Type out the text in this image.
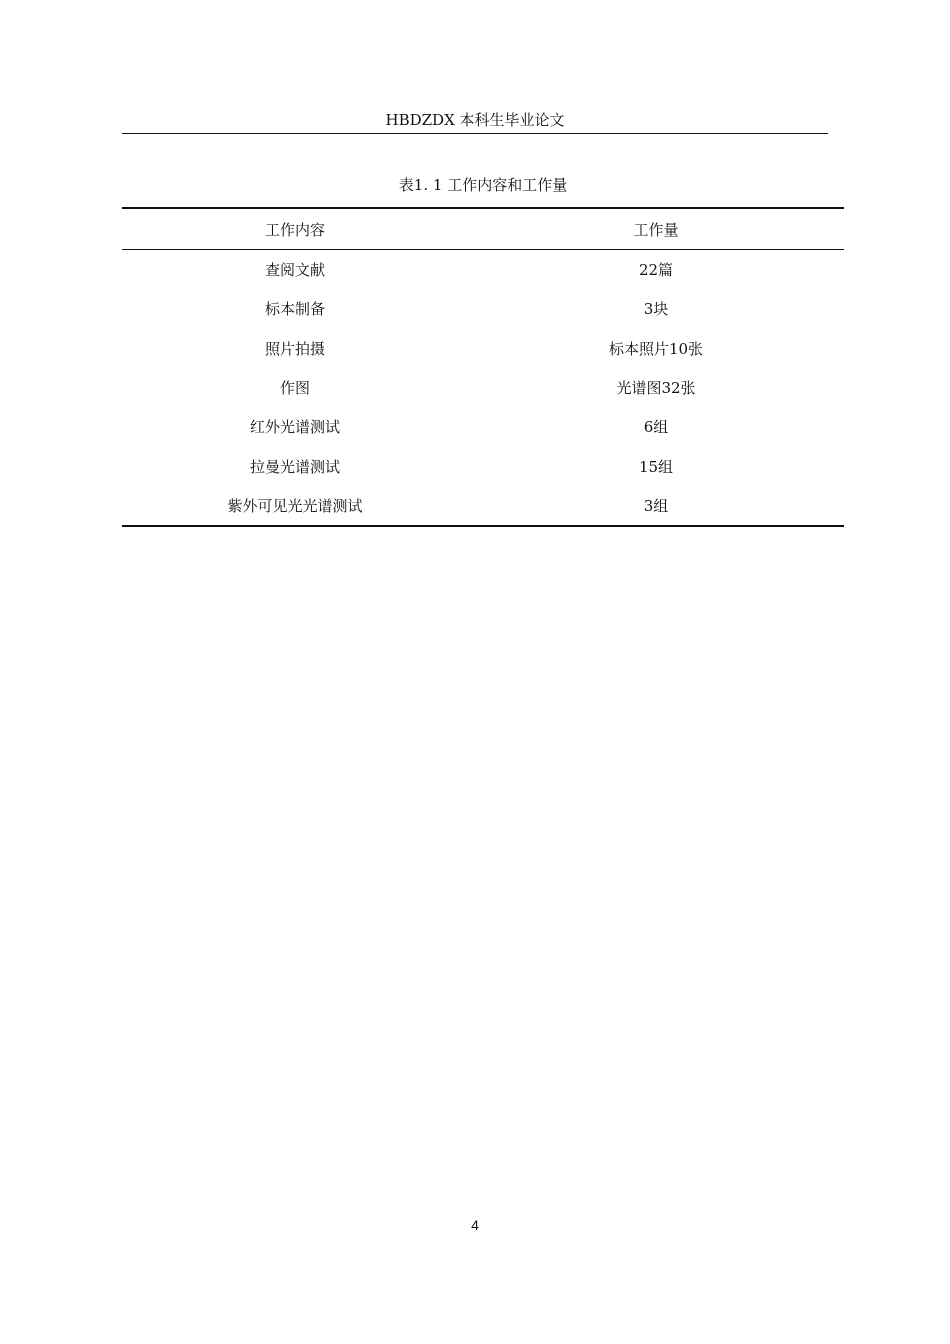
HBDZDX 本科生毕业论文
表1. 1 工作内容和工作量
工作内容	工作量
查阅文献	22篇
标本制备	3块
照片拍摄	标本照片10张
作图	光谱图32张
红外光谱测试	6组
拉曼光谱测试	15组
紫外可见光光谱测试	3组
4
